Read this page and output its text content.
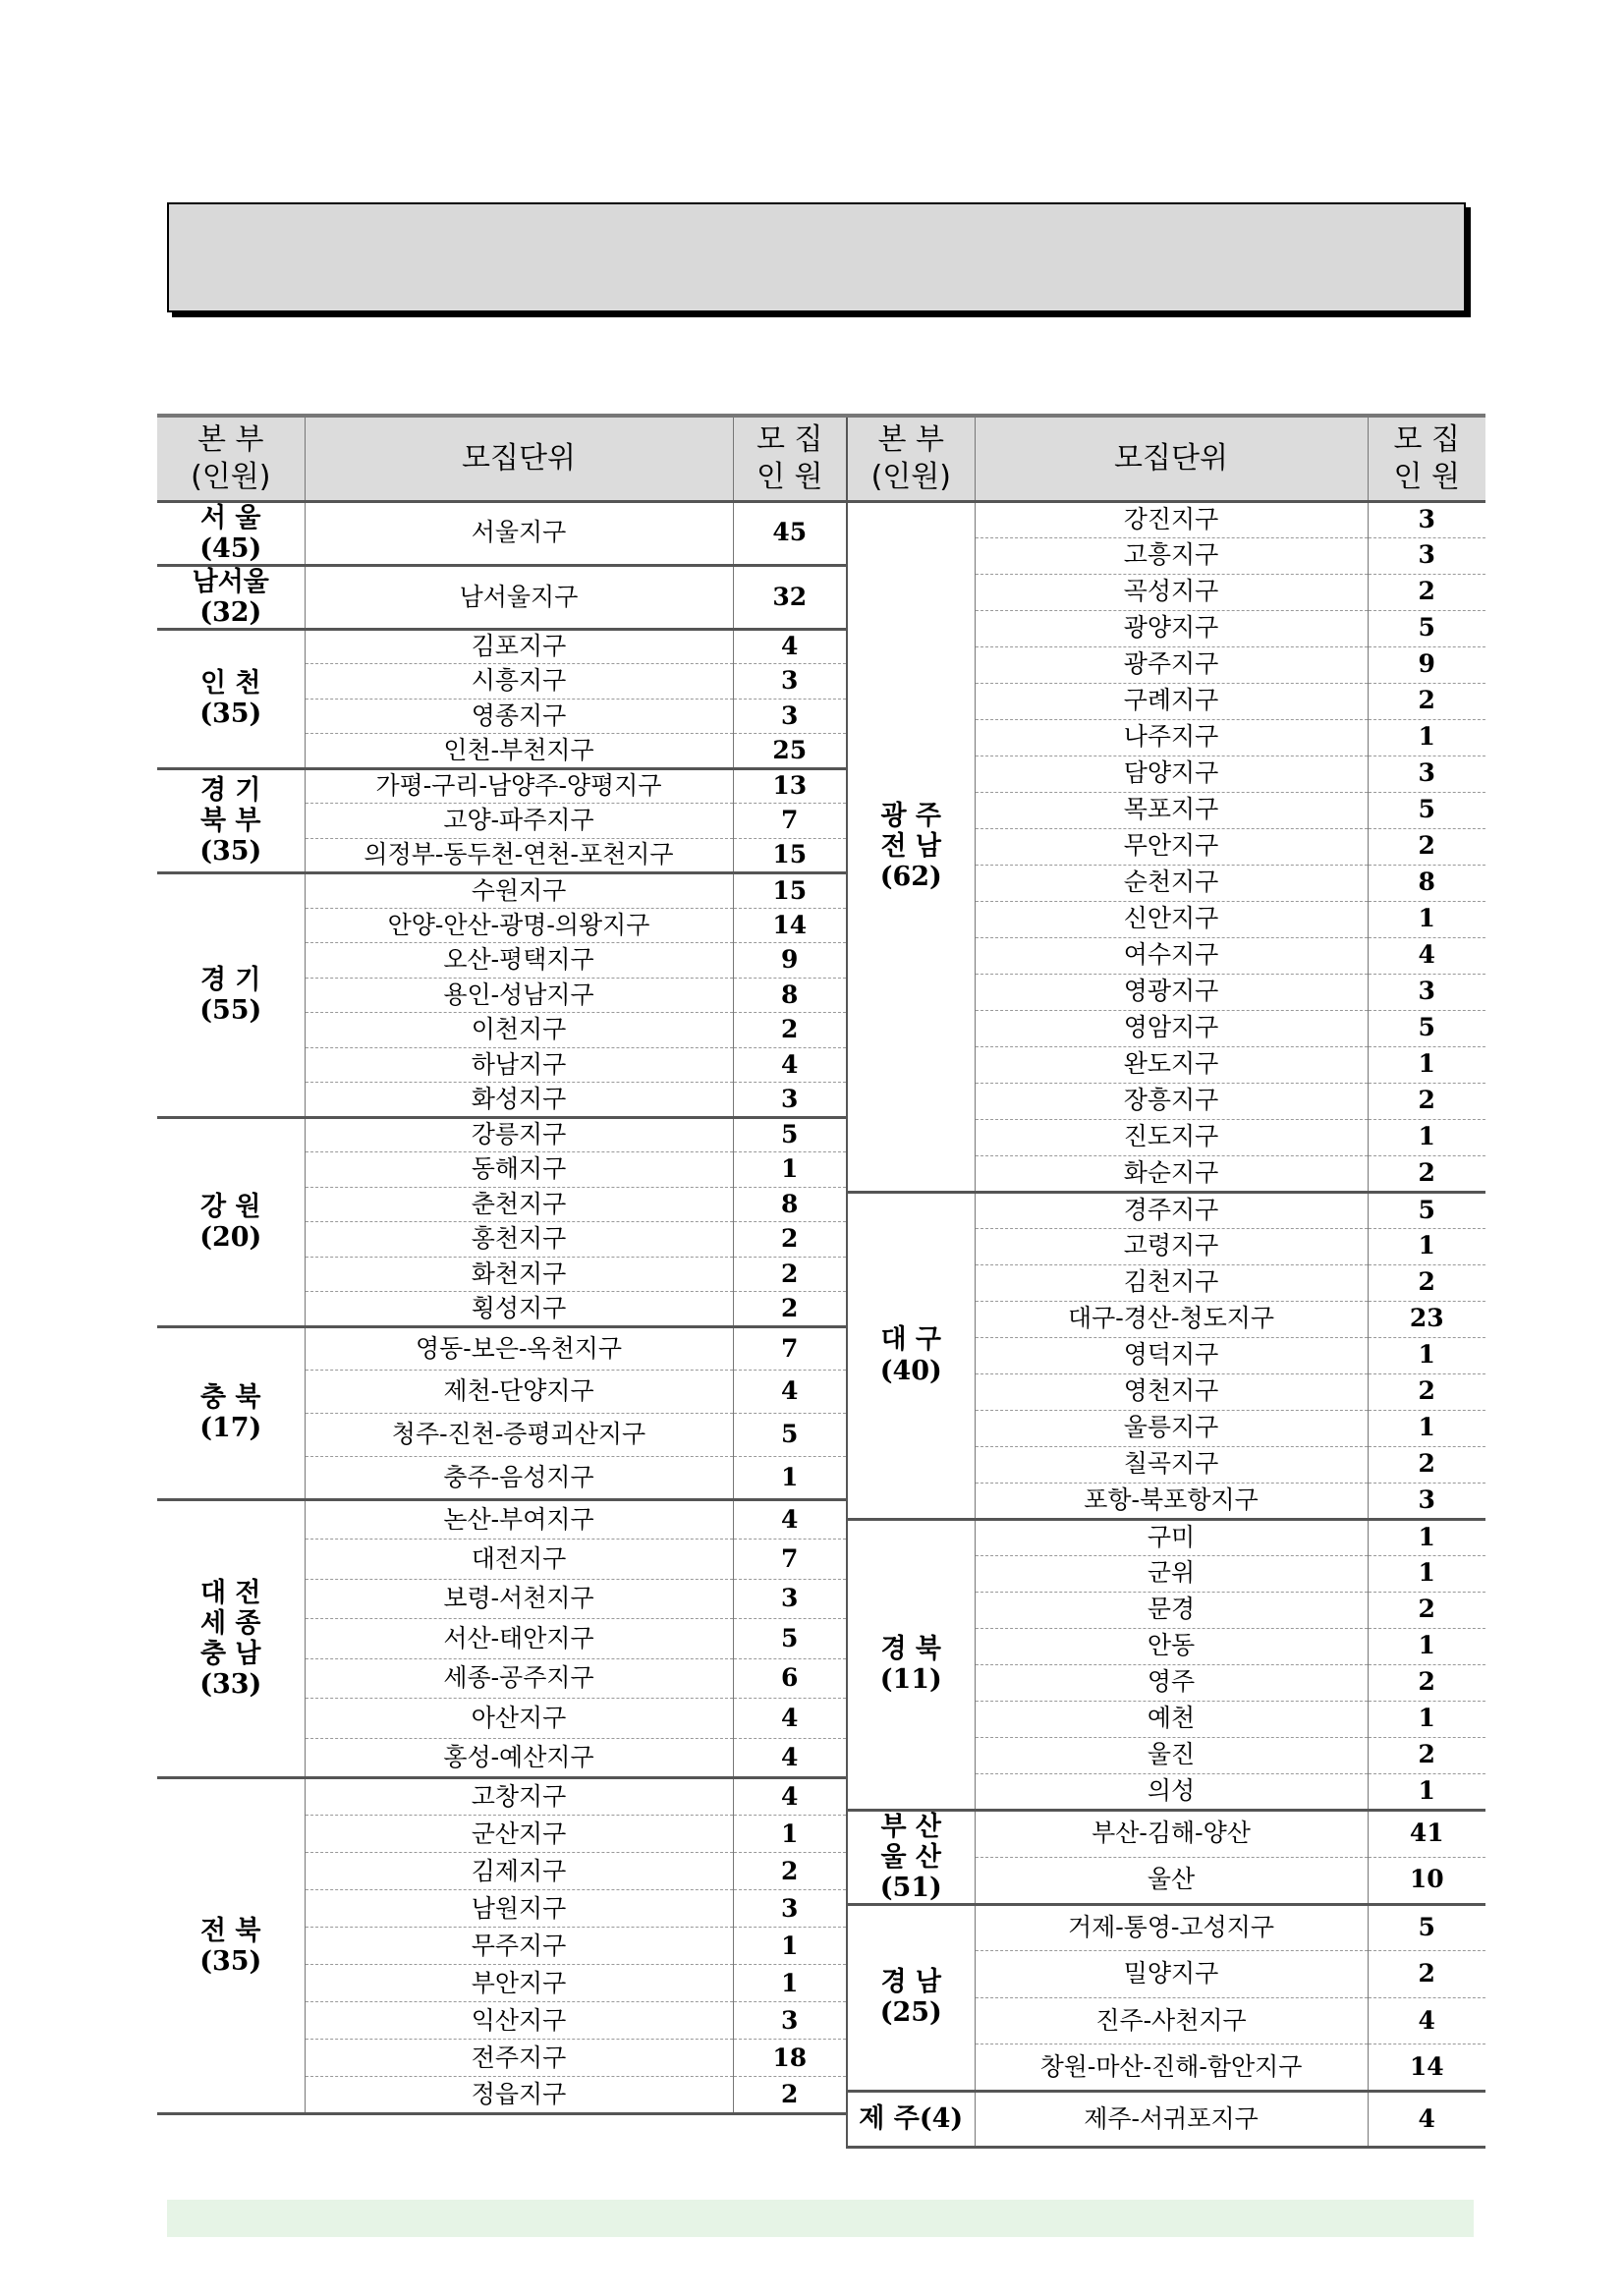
본 부
(인원)	모집단위	모 집
인 원
서 울
(45)	서울지구	45
남서울
(32)	남서울지구	32
인 천
(35)	김포지구	4
	시흥지구	3
	영종지구	3
	인천-부천지구	25
경 기
북 부
(35)	가평-구리-남양주-양평지구	13
	고양-파주지구	7
	의정부-동두천-연천-포천지구	15
경 기
(55)	수원지구	15
	안양-안산-광명-의왕지구	14
	오산-평택지구	9
	용인-성남지구	8
	이천지구	2
	하남지구	4
	화성지구	3
강 원
(20)	강릉지구	5
	동해지구	1
	춘천지구	8
	홍천지구	2
	화천지구	2
	횡성지구	2
충 북
(17)	영동-보은-옥천지구	7
	제천-단양지구	4
	청주-진천-증평괴산지구	5
	충주-음성지구	1
대 전
세 종
충 남
(33)	논산-부여지구	4
	대전지구	7
	보령-서천지구	3
	서산-태안지구	5
	세종-공주지구	6
	아산지구	4
	홍성-예산지구	4
전 북
(35)	고창지구	4
	군산지구	1
	김제지구	2
	남원지구	3
	무주지구	1
	부안지구	1
	익산지구	3
	전주지구	18
	정읍지구	2
본 부
(인원)	모집단위	모 집
인 원
광 주
전 남
(62)	강진지구	3
	고흥지구	3
	곡성지구	2
	광양지구	5
	광주지구	9
	구례지구	2
	나주지구	1
	담양지구	3
	목포지구	5
	무안지구	2
	순천지구	8
	신안지구	1
	여수지구	4
	영광지구	3
	영암지구	5
	완도지구	1
	장흥지구	2
	진도지구	1
	화순지구	2
대 구
(40)	경주지구	5
	고령지구	1
	김천지구	2
	대구-경산-청도지구	23
	영덕지구	1
	영천지구	2
	울릉지구	1
	칠곡지구	2
	포항-북포항지구	3
경 북
(11)	구미	1
	군위	1
	문경	2
	안동	1
	영주	2
	예천	1
	울진	2
	의성	1
부 산
울 산
(51)	부산-김해-양산	41
	울산	10
경 남
(25)	거제-통영-고성지구	5
	밀양지구	2
	진주-사천지구	4
	창원-마산-진해-함안지구	14
제 주(4)	제주-서귀포지구	4
